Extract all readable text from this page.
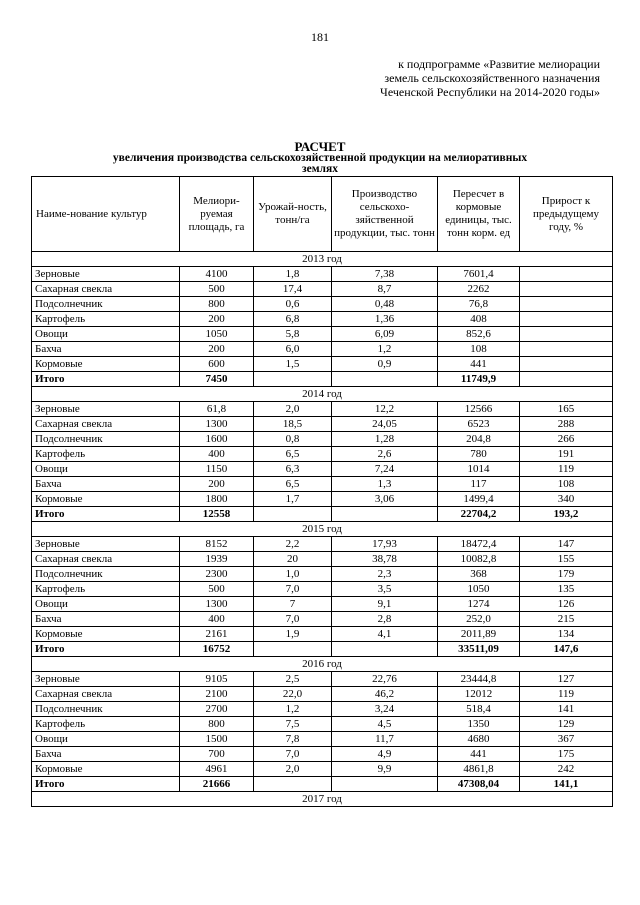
181
к подпрограмме «Развитие мелиорации
земель сельскохозяйственного назначения
Чеченской Республики на 2014-2020 годы»
РАСЧЕТ
увеличения производства сельскохозяйственной продукции на мелиоративных
землях
Наиме-нование культур	Мелиори-руемая площадь, га	Урожай-ность, тонн/га	Производство сельскохо-зяйственной продукции, тыс. тонн	Пересчет в кормовые единицы, тыс. тонн корм. ед	Прирост к предыдущему году, %
2013 год					
Зерновые	4100	1,8	7,38	7601,4	
Сахарная свекла	500	17,4	8,7	2262	
Подсолнечник	800	0,6	0,48	76,8	
Картофель	200	6,8	1,36	408	
Овощи	1050	5,8	6,09	852,6	
Бахча	200	6,0	1,2	108	
Кормовые	600	1,5	0,9	441	
Итого	7450			11749,9	
2014 год					
Зерновые	61,8	2,0	12,2	12566	165
Сахарная свекла	1300	18,5	24,05	6523	288
Подсолнечник	1600	0,8	1,28	204,8	266
Картофель	400	6,5	2,6	780	191
Овощи	1150	6,3	7,24	1014	119
Бахча	200	6,5	1,3	117	108
Кормовые	1800	1,7	3,06	1499,4	340
Итого	12558			22704,2	193,2
2015 год					
Зерновые	8152	2,2	17,93	18472,4	147
Сахарная свекла	1939	20	38,78	10082,8	155
Подсолнечник	2300	1,0	2,3	368	179
Картофель	500	7,0	3,5	1050	135
Овощи	1300	7	9,1	1274	126
Бахча	400	7,0	2,8	252,0	215
Кормовые	2161	1,9	4,1	2011,89	134
Итого	16752			33511,09	147,6
2016 год					
Зерновые	9105	2,5	22,76	23444,8	127
Сахарная свекла	2100	22,0	46,2	12012	119
Подсолнечник	2700	1,2	3,24	518,4	141
Картофель	800	7,5	4,5	1350	129
Овощи	1500	7,8	11,7	4680	367
Бахча	700	7,0	4,9	441	175
Кормовые	4961	2,0	9,9	4861,8	242
Итого	21666			47308,04	141,1
2017 год					
